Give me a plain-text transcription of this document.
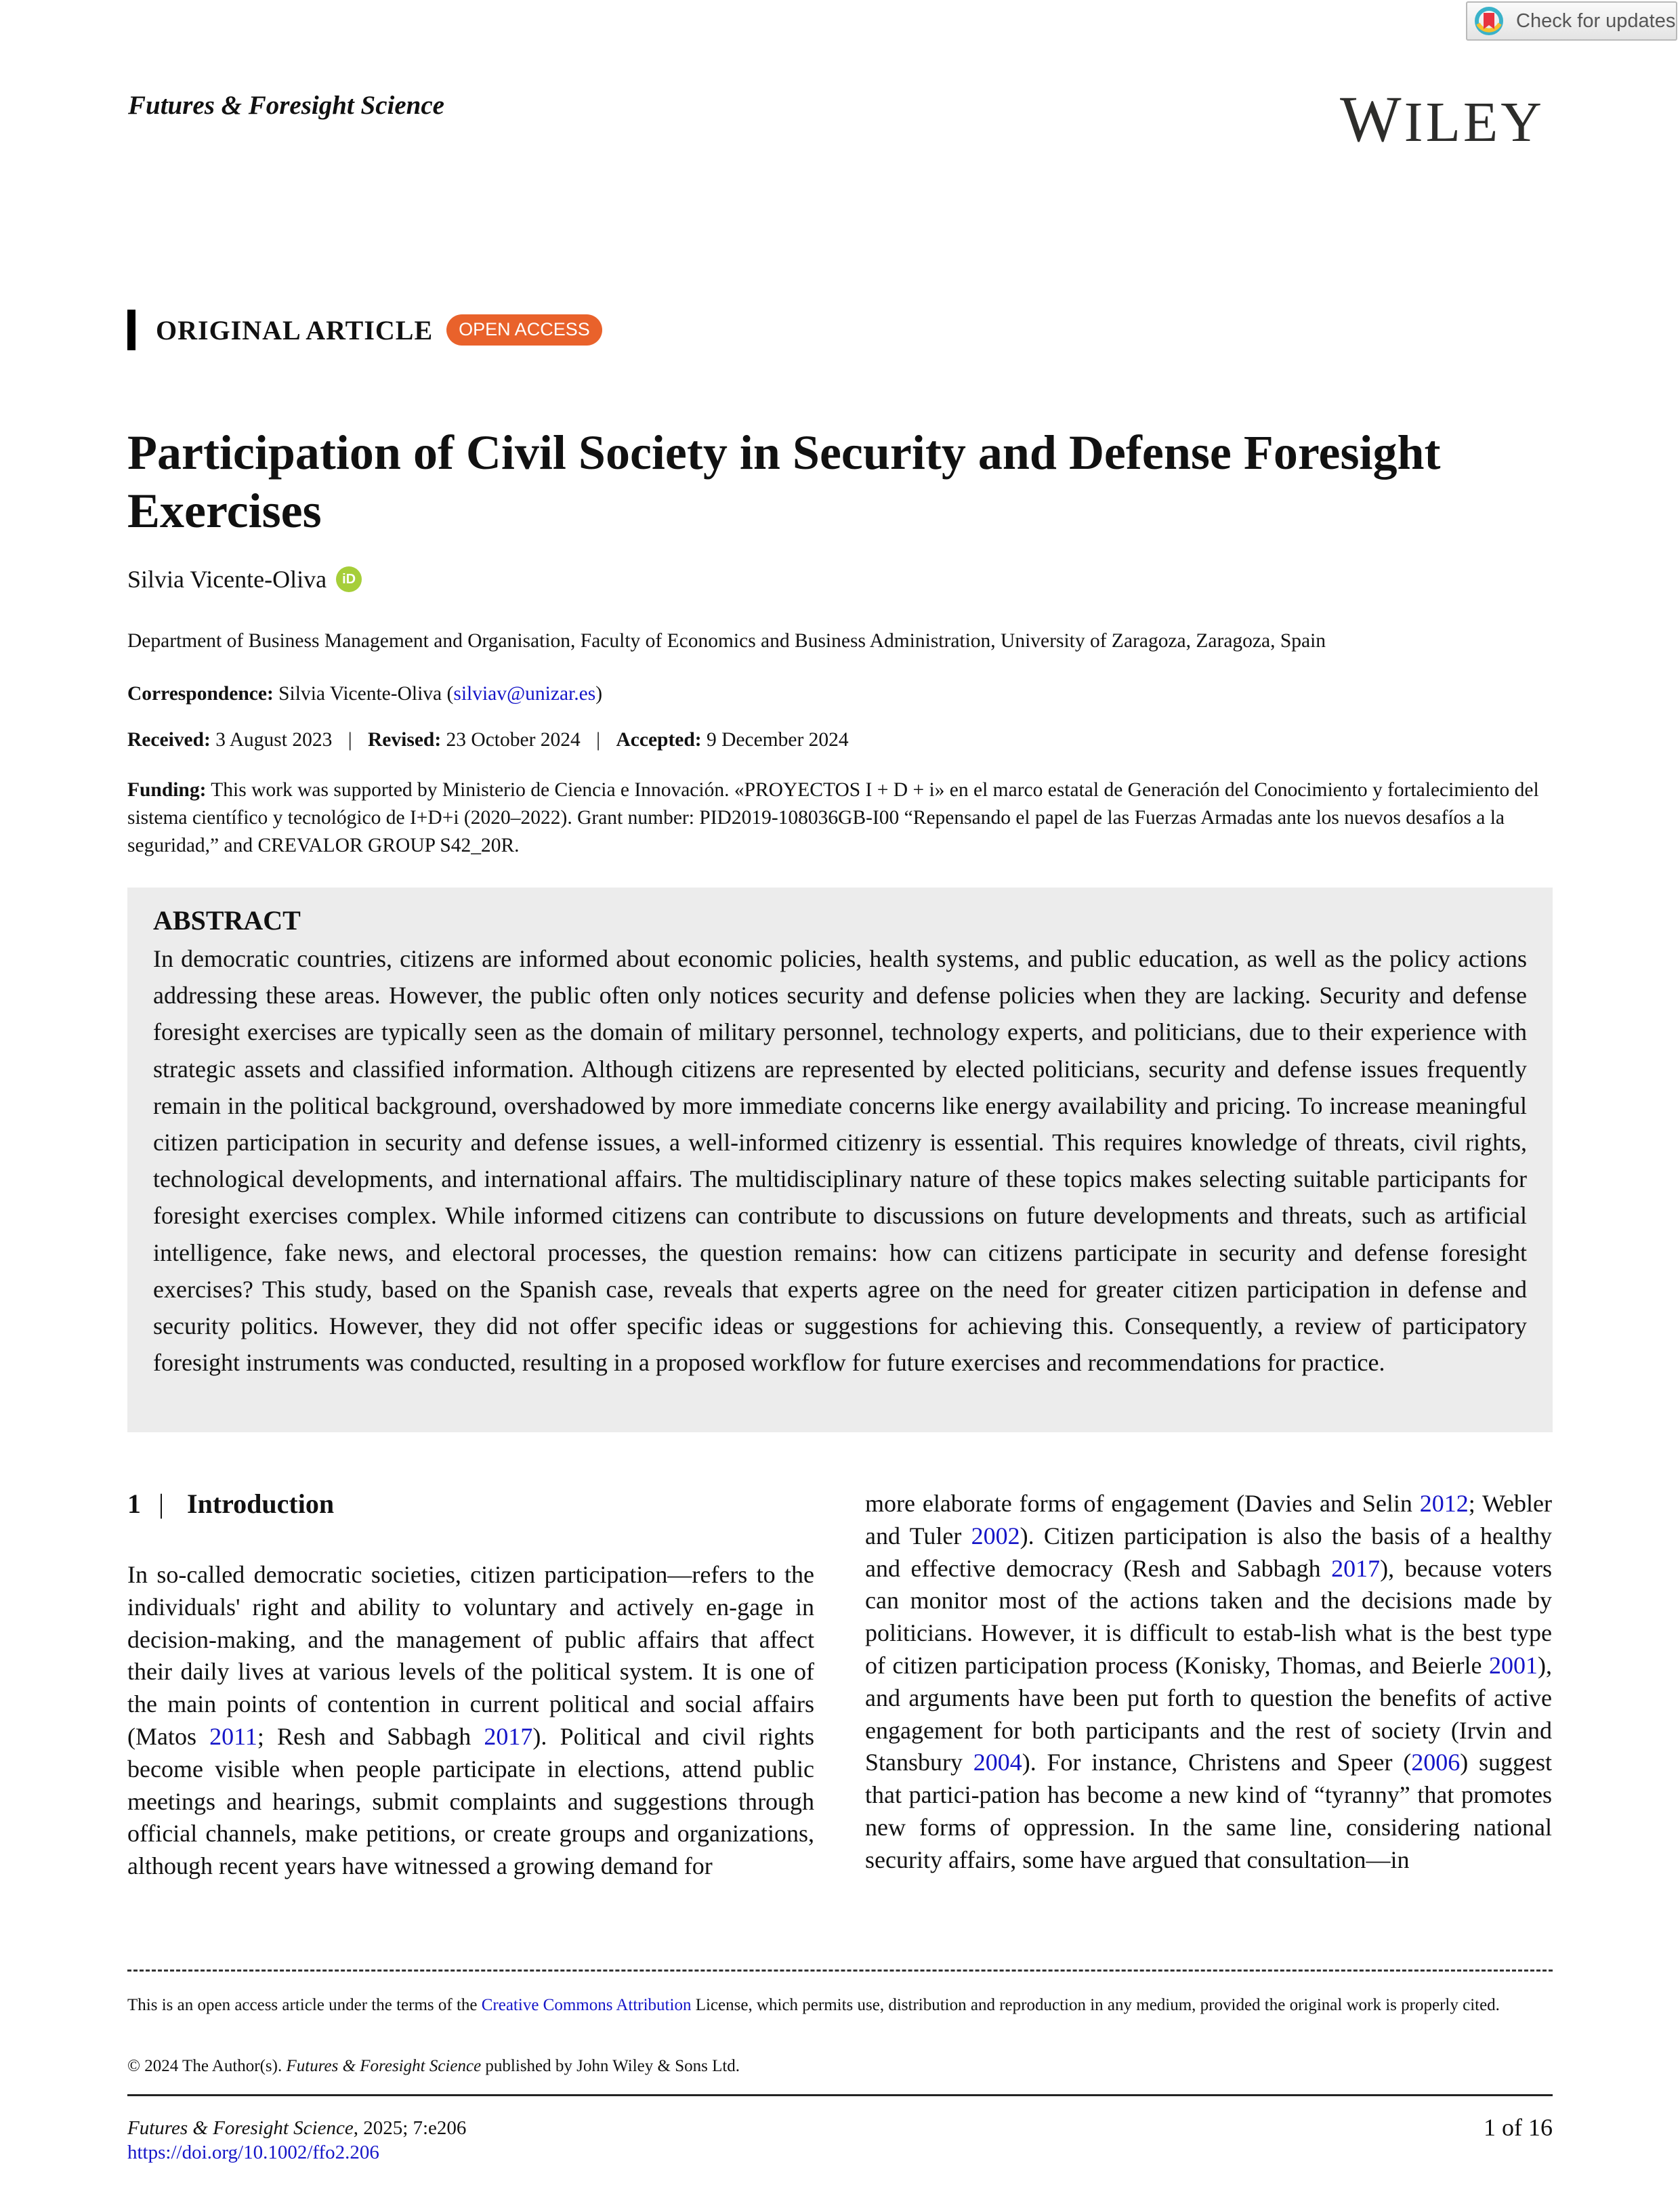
Check for updates
Futures & Foresight Science	WILEY
ORIGINAL ARTICLE	OPEN ACCESS
Participation of Civil Society in Security and Defense Foresight Exercises
Silvia Vicente-Oliva	iD
Department of Business Management and Organisation, Faculty of Economics and Business Administration, University of Zaragoza, Zaragoza, Spain
Correspondence: Silvia Vicente-Oliva (silviav@unizar.es)
Received: 3 August 2023 | Revised: 23 October 2024 | Accepted: 9 December 2024
Funding: This work was supported by Ministerio de Ciencia e Innovación. «PROYECTOS I + D + i» en el marco estatal de Generación del Conocimiento y fortalecimiento del sistema científico y tecnológico de I+D+i (2020–2022). Grant number: PID2019-108036GB-I00 “Repensando el papel de las Fuerzas Armadas ante los nuevos desafíos a la seguridad,” and CREVALOR GROUP S42_20R.
ABSTRACT

In democratic countries, citizens are informed about economic policies, health systems, and public education, as well as the policy actions addressing these areas. However, the public often only notices security and defense policies when they are lacking. Security and defense foresight exercises are typically seen as the domain of military personnel, technology experts, and politicians, due to their experience with strategic assets and classified information. Although citizens are represented by elected politicians, security and defense issues frequently remain in the political background, overshadowed by more immediate concerns like energy availability and pricing. To increase meaningful citizen participation in security and defense issues, a well-informed citizenry is essential. This requires knowledge of threats, civil rights, technological developments, and international affairs. The multidisciplinary nature of these topics makes selecting suitable participants for foresight exercises complex. While informed citizens can contribute to discussions on future developments and threats, such as artificial intelligence, fake news, and electoral processes, the question remains: how can citizens participate in security and defense foresight exercises? This study, based on the Spanish case, reveals that experts agree on the need for greater citizen participation in defense and security politics. However, they did not offer specific ideas or suggestions for achieving this. Consequently, a review of participatory foresight instruments was conducted, resulting in a proposed workflow for future exercises and recommendations for practice.

1 | Introduction

In so-called democratic societies, citizen participation—refers to the individuals' right and ability to voluntary and actively en-gage in decision-making, and the management of public affairs that affect their daily lives at various levels of the political system. It is one of the main points of contention in current political and social affairs (Matos 2011; Resh and Sabbagh 2017). Political and civil rights become visible when people participate in elections, attend public meetings and hearings, submit complaints and suggestions through official channels, make petitions, or create groups and organizations, although recent years have witnessed a growing demand for

more elaborate forms of engagement (Davies and Selin 2012; Webler and Tuler 2002). Citizen participation is also the basis of a healthy and effective democracy (Resh and Sabbagh 2017), because voters can monitor most of the actions taken and the decisions made by politicians. However, it is difficult to estab-lish what is the best type of citizen participation process (Konisky, Thomas, and Beierle 2001), and arguments have been put forth to question the benefits of active engagement for both participants and the rest of society (Irvin and Stansbury 2004). For instance, Christens and Speer (2006) suggest that partici-pation has become a new kind of “tyranny” that promotes new forms of oppression. In the same line, considering national security affairs, some have argued that consultation—in

This is an open access article under the terms of the Creative Commons Attribution License, which permits use, distribution and reproduction in any medium, provided the original work is properly cited.
© 2024 The Author(s). Futures & Foresight Science published by John Wiley & Sons Ltd.
Futures & Foresight Science, 2025; 7:e206
https://doi.org/10.1002/ffo2.206
1 of 16
